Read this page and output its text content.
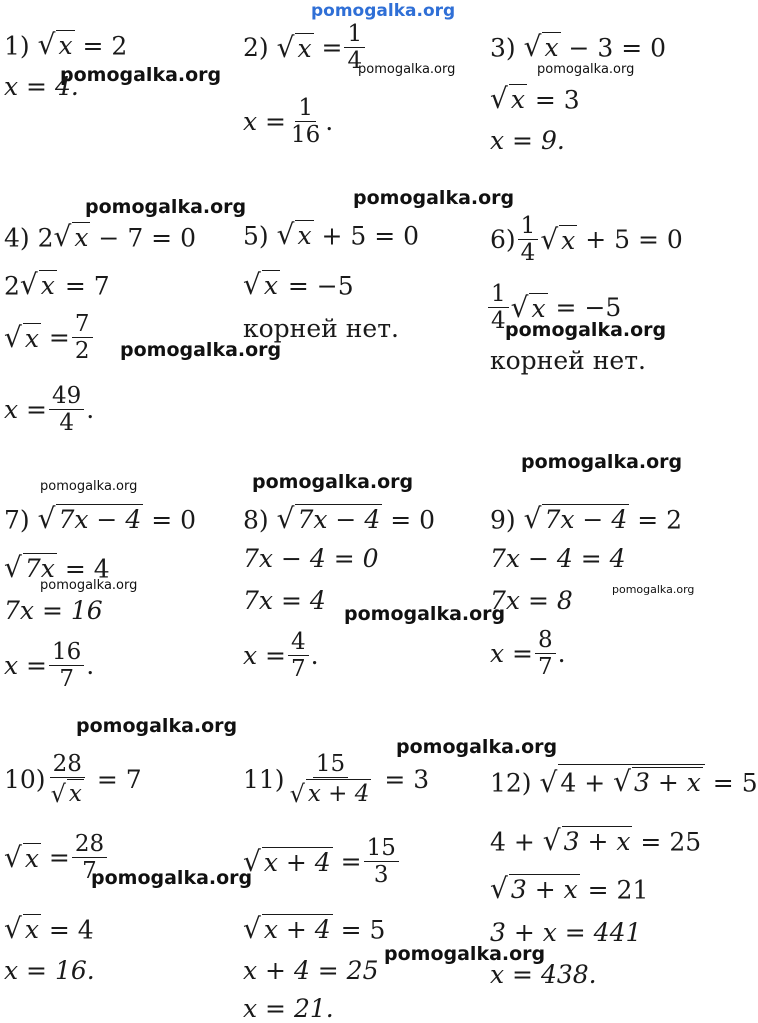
pomogalka.org
pomogalka.org	pomogalka.org	pomogalka.org
pomogalka.org
pomogalka.org
pomogalka.org
pomogalka.org
pomogalka.org
pomogalka.org
pomogalka.org
pomogalka.org	pomogalka.org
pomogalka.org
pomogalka.org
pomogalka.org
pomogalka.org
pomogalka.org
1) √ x = 2
x = 4.
2)
√ x
= $\frac{1}{4}$
$x = \frac{1}{16}$ .
3) √ x − 3 = 0
√ x = 3
x = 9.
4) 2 √ x − 7 = 0
2 √ x = 7
√ x
= $\frac{7}{2}$
$x = \frac{49}{4}$ .
5) √ x + 5 = 0
√ x = −5
корней нет.
6) 1
4 √ x
+ 5 = 0
1
4 √ x
= −5
корней нет.
7) √ 7x − 4 = 0
√ 7x = 4
7x = 16
$x = \frac{16}{7}$ .
8) √ 7x − 4 = 0
7x − 4 = 0
7x = 4
$x = \frac{4}{7}$ .
9) √ 7x − 4 = 2
7x − 4 = 4
7x = 8
$x = \frac{8}{7}$ .
$10) \frac{28}{√ x}$
= 7
√ x
= $\frac{28}{7}$
√ x = 4
x = 16.
$11) \frac{15}{√ x + 4}$
= 3
√ x + 4
= $\frac{15}{3}$
√ x + 4 = 5
x + 4 = 25
x = 21.
12) √ 4 + √ 3 + x = 5
4 + √ 3 + x = 25
√ 3 + x = 21
3 + x = 441
x = 438.
